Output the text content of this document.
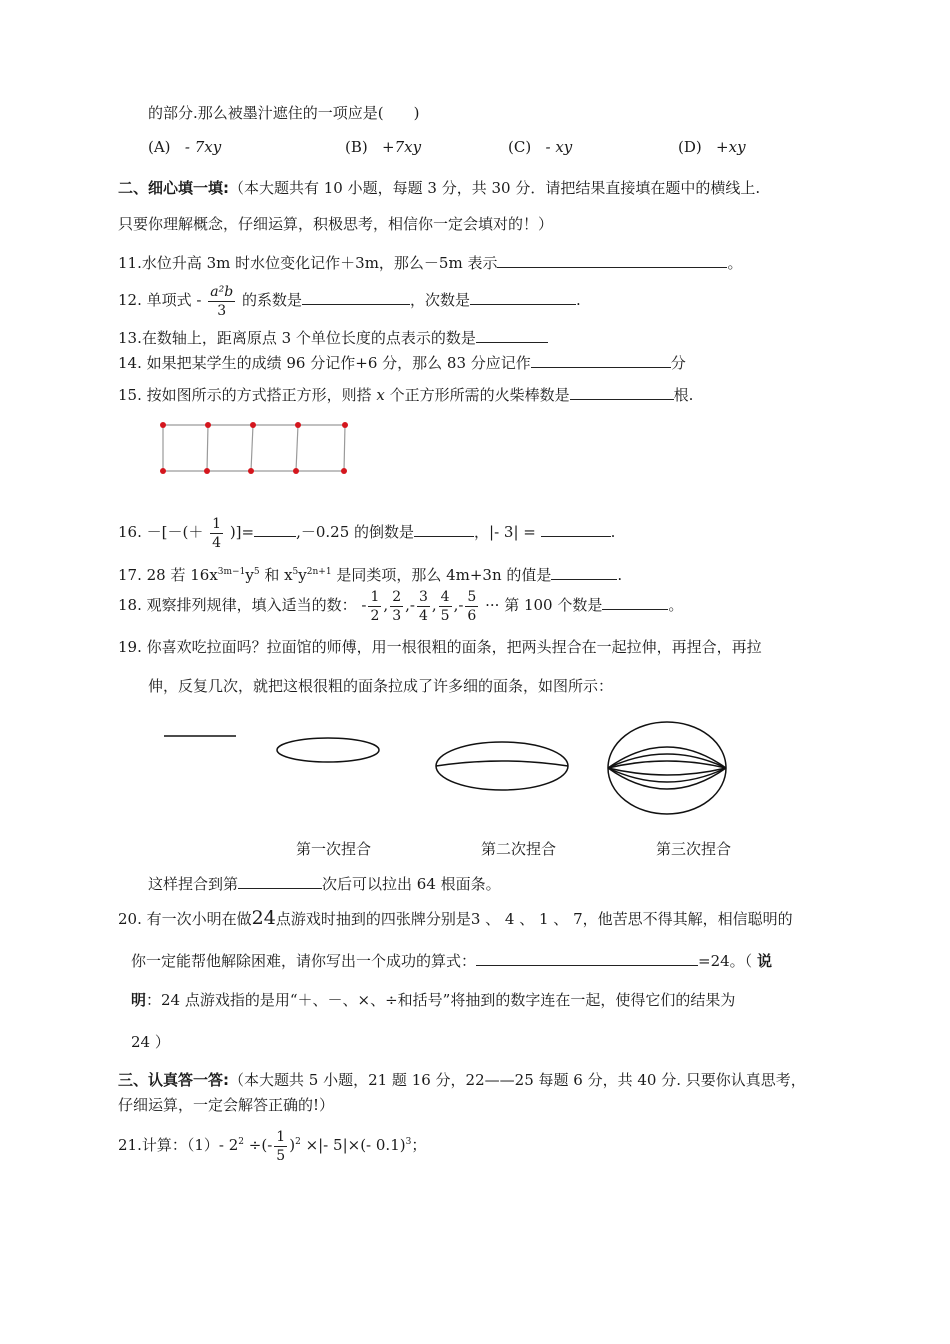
的部分.那么被墨汁遮住的一项应是(　　)
(A) - 7xy	(B) +7xy	(C) - xy	(D) +xy
二、细心填一填:（本大题共有 10 小题，每题 3 分，共 30 分．请把结果直接填在题中的横线上.
只要你理解概念，仔细运算，积极思考，相信你一定会填对的！）
11.水位升高 3m 时水位变化记作＋3m，那么－5m 表示	。
12. 单项式 - $\frac{\text{a²b}}{3}$ 的系数是	，次数是	.
13.在数轴上，距离原点 3 个单位长度的点表示的数是
14. 如果把某学生的成绩 96 分记作+6 分，那么 83 分应记作	分
15. 按如图所示的方式搭正方形，则搭 x 个正方形所需的火柴棒数是	根.
16. －[－(＋ $\frac{1}{4}$ )]=	,－0.25 的倒数是	，|- 3| =	.
17. 28 若 $16x^{3m-1}y^5$ 和 $x^5y^{2n+1}$ 是同类项，那么 4m+3n 的值是	.
18. 观察排列规律，填入适当的数： - $\frac{1}{2}$ , $\frac{2}{3}$ ,- $\frac{3}{4}$ , $\frac{4}{5}$ ,- $\frac{5}{6}$ ··· 第 100 个数是	。
19. 你喜欢吃拉面吗？拉面馆的师傅，用一根很粗的面条，把两头捏合在一起拉伸，再捏合，再拉
伸，反复几次，就把这根很粗的面条拉成了许多细的面条，如图所示：
第一次捏合	第二次捏合	第三次捏合
这样捏合到第	次后可以拉出 64 根面条。
20. 有一次小明在做24点游戏时抽到的四张牌分别是3 、 4 、 1 、 7，他苦思不得其解，相信聪明的
你一定能帮他解除困难，请你写出一个成功的算式：	=24。（ 说
明：24 点游戏指的是用“＋、－、×、÷和括号”将抽到的数字连在一起，使得它们的结果为
24 ）
三、认真答一答:（本大题共 5 小题，21 题 16 分，22——25 每题 6 分，共 40 分. 只要你认真思考，
仔细运算，一定会解答正确的!）
21.计算：（1）- $2^2$ ÷(- $\frac{1}{5} )^2$ ×|- 5|×(- 0.1)$^3$；
